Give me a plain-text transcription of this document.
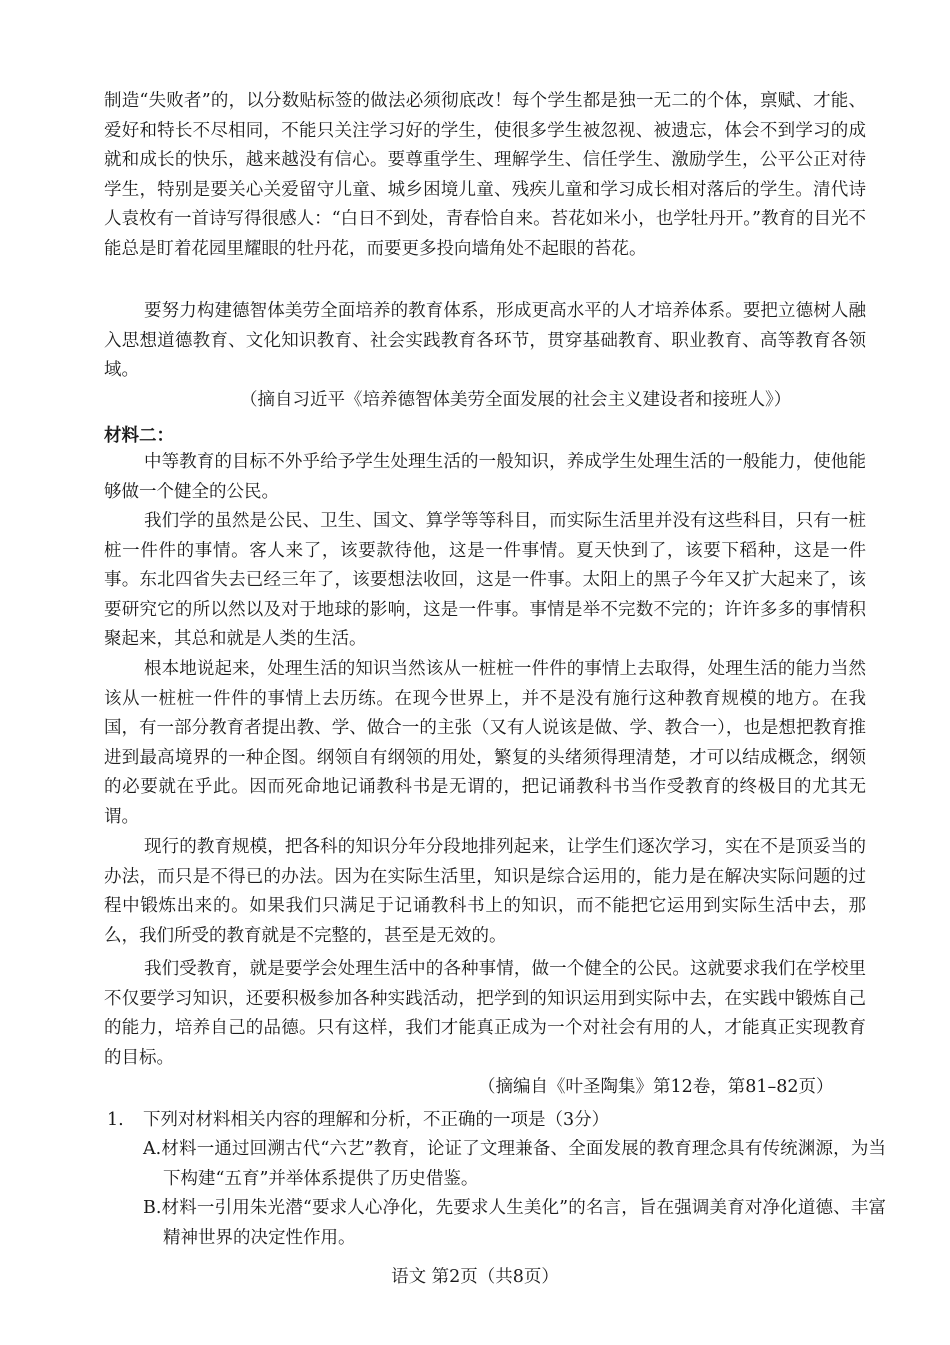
制造“失败者”的，以分数贴标签的做法必须彻底改！每个学生都是独一无二的个体，禀赋、才能、爱好和特长不尽相同，不能只关注学习好的学生，使很多学生被忽视、被遗忘，体会不到学习的成就和成长的快乐，越来越没有信心。要尊重学生、理解学生、信任学生、激励学生，公平公正对待学生，特别是要关心关爱留守儿童、城乡困境儿童、残疾儿童和学习成长相对落后的学生。清代诗人袁枚有一首诗写得很感人：“白日不到处，青春恰自来。苔花如米小，也学牡丹开。”教育的目光不能总是盯着花园里耀眼的牡丹花，而要更多投向墙角处不起眼的苔花。

要努力构建德智体美劳全面培养的教育体系，形成更高水平的人才培养体系。要把立德树人融入思想道德教育、文化知识教育、社会实践教育各环节，贯穿基础教育、职业教育、高等教育各领域。

（摘自习近平《培养德智体美劳全面发展的社会主义建设者和接班人》）
材料二：

中等教育的目标不外乎给予学生处理生活的一般知识，养成学生处理生活的一般能力，使他能够做一个健全的公民。

我们学的虽然是公民、卫生、国文、算学等等科目，而实际生活里并没有这些科目，只有一桩桩一件件的事情。客人来了，该要款待他，这是一件事情。夏天快到了，该要下稻种，这是一件事。东北四省失去已经三年了，该要想法收回，这是一件事。太阳上的黑子今年又扩大起来了，该要研究它的所以然以及对于地球的影响，这是一件事。事情是举不完数不完的；许许多多的事情积聚起来，其总和就是人类的生活。

根本地说起来，处理生活的知识当然该从一桩桩一件件的事情上去取得，处理生活的能力当然该从一桩桩一件件的事情上去历练。在现今世界上，并不是没有施行这种教育规模的地方。在我国，有一部分教育者提出教、学、做合一的主张（又有人说该是做、学、教合一），也是想把教育推进到最高境界的一种企图。纲领自有纲领的用处，繁复的头绪须得理清楚，才可以结成概念，纲领的必要就在乎此。因而死命地记诵教科书是无谓的，把记诵教科书当作受教育的终极目的尤其无谓。

现行的教育规模，把各科的知识分年分段地排列起来，让学生们逐次学习，实在不是顶妥当的办法，而只是不得已的办法。因为在实际生活里，知识是综合运用的，能力是在解决实际问题的过程中锻炼出来的。如果我们只满足于记诵教科书上的知识，而不能把它运用到实际生活中去，那么，我们所受的教育就是不完整的，甚至是无效的。

我们受教育，就是要学会处理生活中的各种事情，做一个健全的公民。这就要求我们在学校里不仅要学习知识，还要积极参加各种实践活动，把学到的知识运用到实际中去，在实践中锻炼自己的能力，培养自己的品德。只有这样，我们才能真正成为一个对社会有用的人，才能真正实现教育的目标。

（摘编自《叶圣陶集》第12卷，第81–82页）
1. 下列对材料相关内容的理解和分析，不正确的一项是（3分）

A.材料一通过回溯古代“六艺”教育，论证了文理兼备、全面发展的教育理念具有传统渊源，为当下构建“五育”并举体系提供了历史借鉴。

B.材料一引用朱光潜“要求人心净化，先要求人生美化”的名言，旨在强调美育对净化道德、丰富精神世界的决定性作用。

语文 第2页（共8页）
